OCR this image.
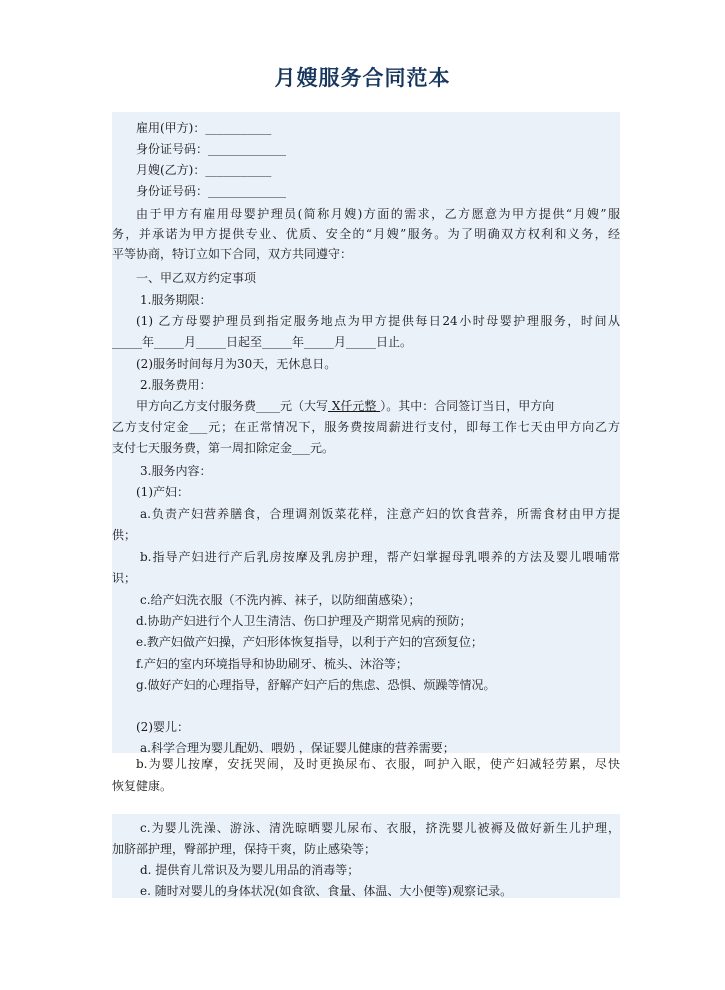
月嫂服务合同范本
雇用(甲方)：___________
身份证号码：_____________
月嫂(乙方)：___________
身份证号码：_____________
由于甲方有雇用母婴护理员(简称月嫂)方面的需求，乙方愿意为甲方提供“月嫂”服
务，并承诺为甲方提供专业、优质、安全的“月嫂”服务。为了明确双方权利和义务，经
平等协商，特订立如下合同，双方共同遵守：
一、甲乙双方约定事项
1.服务期限：
(1) 乙方母婴护理员到指定服务地点为甲方提供每日24小时母婴护理服务，时间从
_____年_____月_____日起至_____年_____月_____日止。
(2)服务时间每月为30天，无休息日。
2.服务费用：
甲方向乙方支付服务费____元（大写 X仟元整 ）。其中：合同签订当日，甲方向
乙方支付定金___元；在正常情况下，服务费按周薪进行支付，即每工作七天由甲方向乙方
支付七天服务费，第一周扣除定金___元。
3.服务内容：
(1)产妇：
a.负责产妇营养膳食，合理调剂饭菜花样，注意产妇的饮食营养，所需食材由甲方提
供；
b.指导产妇进行产后乳房按摩及乳房护理，帮产妇掌握母乳喂养的方法及婴儿喂哺常
识；
c.给产妇洗衣服（不洗内裤、袜子，以防细菌感染）；
d.协助产妇进行个人卫生清洁、伤口护理及产期常见病的预防；
e.教产妇做产妇操，产妇形体恢复指导，以利于产妇的宫颈复位；
f.产妇的室内环境指导和协助刷牙、梳头、沐浴等；
g.做好产妇的心理指导，舒解产妇产后的焦虑、恐惧、烦躁等情况。
(2)婴儿：
a.科学合理为婴儿配奶、喂奶 ，保证婴儿健康的营养需要；
b.为婴儿按摩，安抚哭闹，及时更换尿布、衣服，呵护入眠，使产妇减轻劳累，尽快
恢复健康。
c.为婴儿洗澡、游泳、清洗晾晒婴儿尿布、衣服，挤洗婴儿被褥及做好新生儿护理，
加脐部护理，臀部护理，保持干爽，防止感染等；
d. 提供育儿常识及为婴儿用品的消毒等；
e. 随时对婴儿的身体状况(如食欲、食量、体温、大小便等)观察记录。
